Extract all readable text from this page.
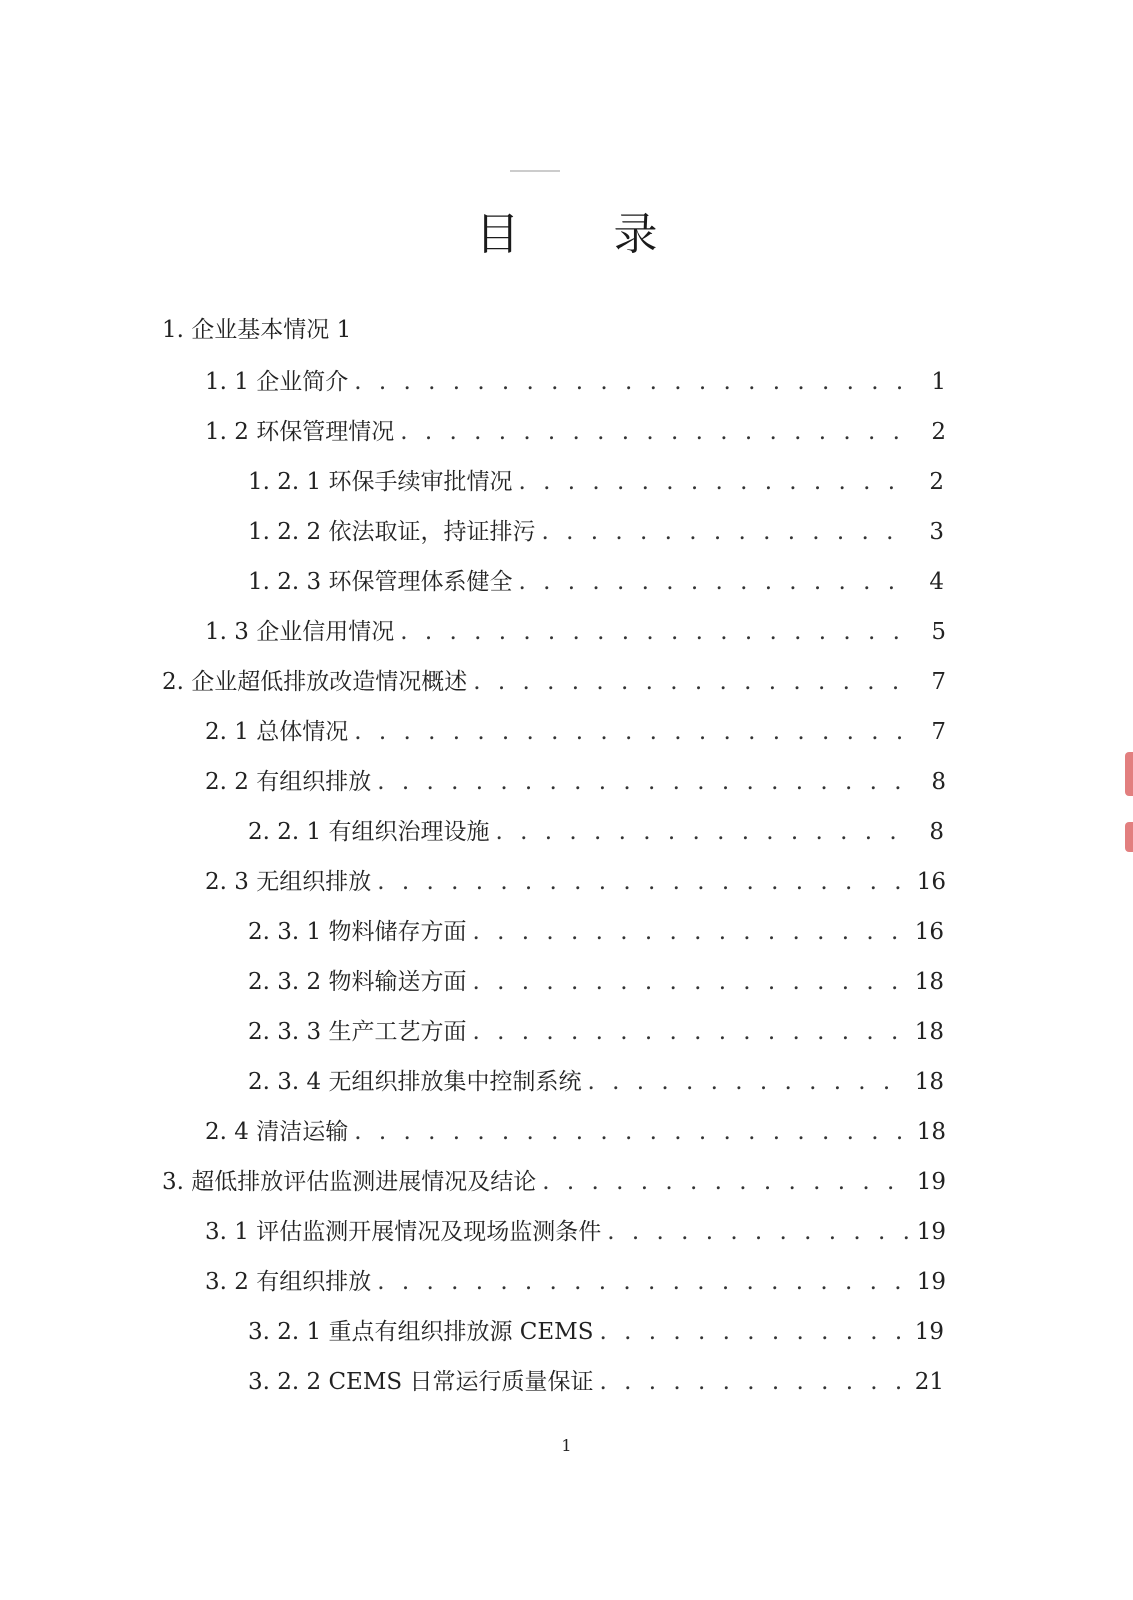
目 录
1. 企业基本情况 1
1. 1 企业简介 . . .	1
1. 2 环保管理情况 . . .	2
1. 2. 1 环保手续审批情况 . . .	2
1. 2. 2 依法取证，持证排污 . . .	3
1. 2. 3 环保管理体系健全 . . .	4
1. 3 企业信用情况 . . .	5
2. 企业超低排放改造情况概述 . . .	7
2. 1 总体情况 . . .	7
2. 2 有组织排放 . . .	8
2. 2. 1 有组织治理设施 . . .	8
2. 3 无组织排放 . . .	16
2. 3. 1 物料储存方面 . . .	16
2. 3. 2 物料输送方面 . . .	18
2. 3. 3 生产工艺方面 . . .	18
2. 3. 4 无组织排放集中控制系统 . . .	18
2. 4 清洁运输 . . .	18
3. 超低排放评估监测进展情况及结论 . . .	19
3. 1 评估监测开展情况及现场监测条件 . . .	19
3. 2 有组织排放 . . .	19
3. 2. 1 重点有组织排放源 CEMS . . .	19
3. 2. 2 CEMS 日常运行质量保证 . . .	21
1
